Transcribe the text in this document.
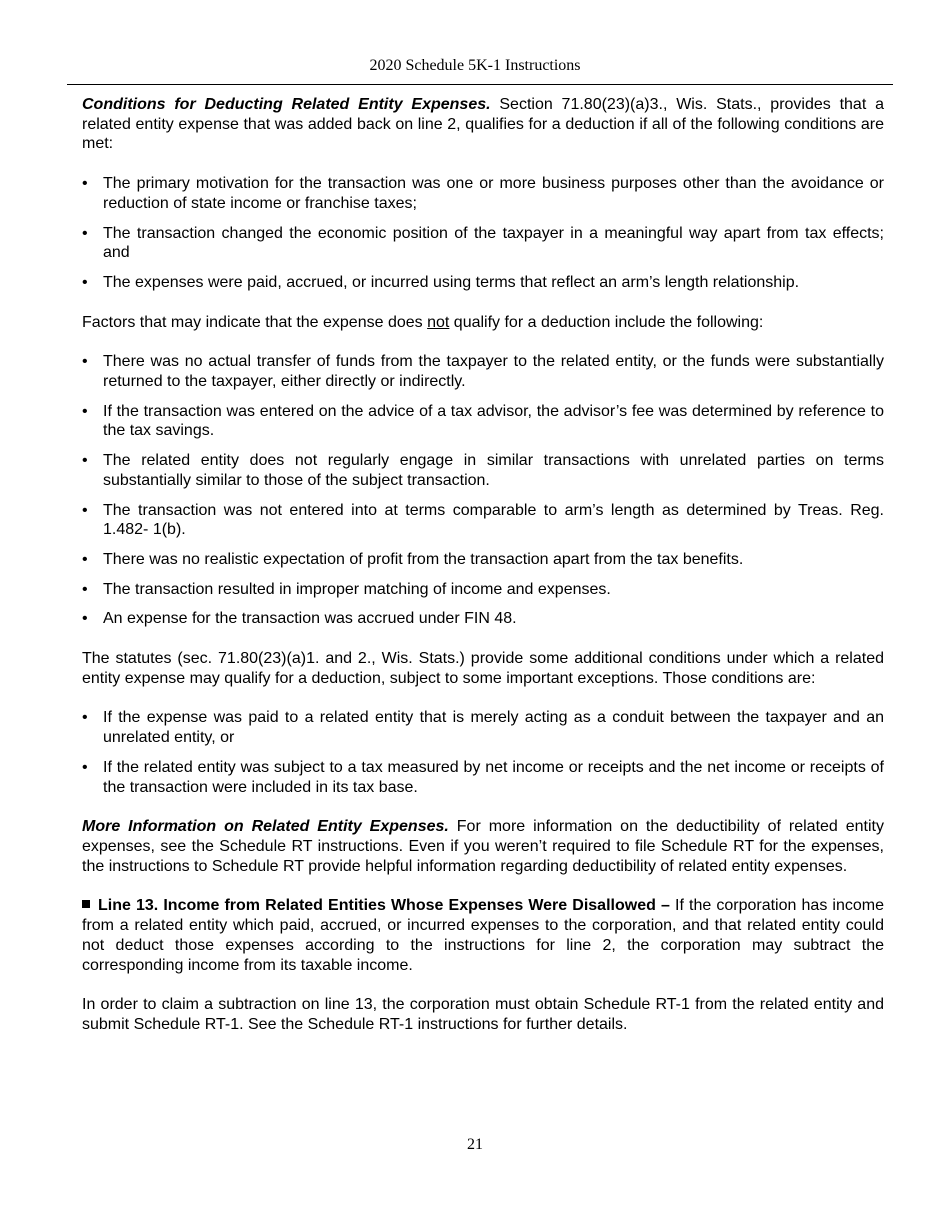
2020 Schedule 5K-1 Instructions

Conditions for Deducting Related Entity Expenses. Section 71.80(23)(a)3., Wis. Stats., provides that a related entity expense that was added back on line 2, qualifies for a deduction if all of the following conditions are met:

• The primary motivation for the transaction was one or more business purposes other than the avoidance or reduction of state income or franchise taxes;
• The transaction changed the economic position of the taxpayer in a meaningful way apart from tax effects; and
• The expenses were paid, accrued, or incurred using terms that reflect an arm’s length relationship.

Factors that may indicate that the expense does not qualify for a deduction include the following:

• There was no actual transfer of funds from the taxpayer to the related entity, or the funds were substantially returned to the taxpayer, either directly or indirectly.
• If the transaction was entered on the advice of a tax advisor, the advisor’s fee was determined by reference to the tax savings.
• The related entity does not regularly engage in similar transactions with unrelated parties on terms substantially similar to those of the subject transaction.
• The transaction was not entered into at terms comparable to arm’s length as determined by Treas. Reg. 1.482- 1(b).
• There was no realistic expectation of profit from the transaction apart from the tax benefits.
• The transaction resulted in improper matching of income and expenses.
• An expense for the transaction was accrued under FIN 48.

The statutes (sec. 71.80(23)(a)1. and 2., Wis. Stats.) provide some additional conditions under which a related entity expense may qualify for a deduction, subject to some important exceptions. Those conditions are:

• If the expense was paid to a related entity that is merely acting as a conduit between the taxpayer and an unrelated entity, or
• If the related entity was subject to a tax measured by net income or receipts and the net income or receipts of the transaction were included in its tax base.

More Information on Related Entity Expenses. For more information on the deductibility of related entity expenses, see the Schedule RT instructions. Even if you weren’t required to file Schedule RT for the expenses, the instructions to Schedule RT provide helpful information regarding deductibility of related entity expenses.

Line 13. Income from Related Entities Whose Expenses Were Disallowed – If the corporation has income from a related entity which paid, accrued, or incurred expenses to the corporation, and that related entity could not deduct those expenses according to the instructions for line 2, the corporation may subtract the corresponding income from its taxable income.

In order to claim a subtraction on line 13, the corporation must obtain Schedule RT-1 from the related entity and submit Schedule RT-1. See the Schedule RT-1 instructions for further details.

21
